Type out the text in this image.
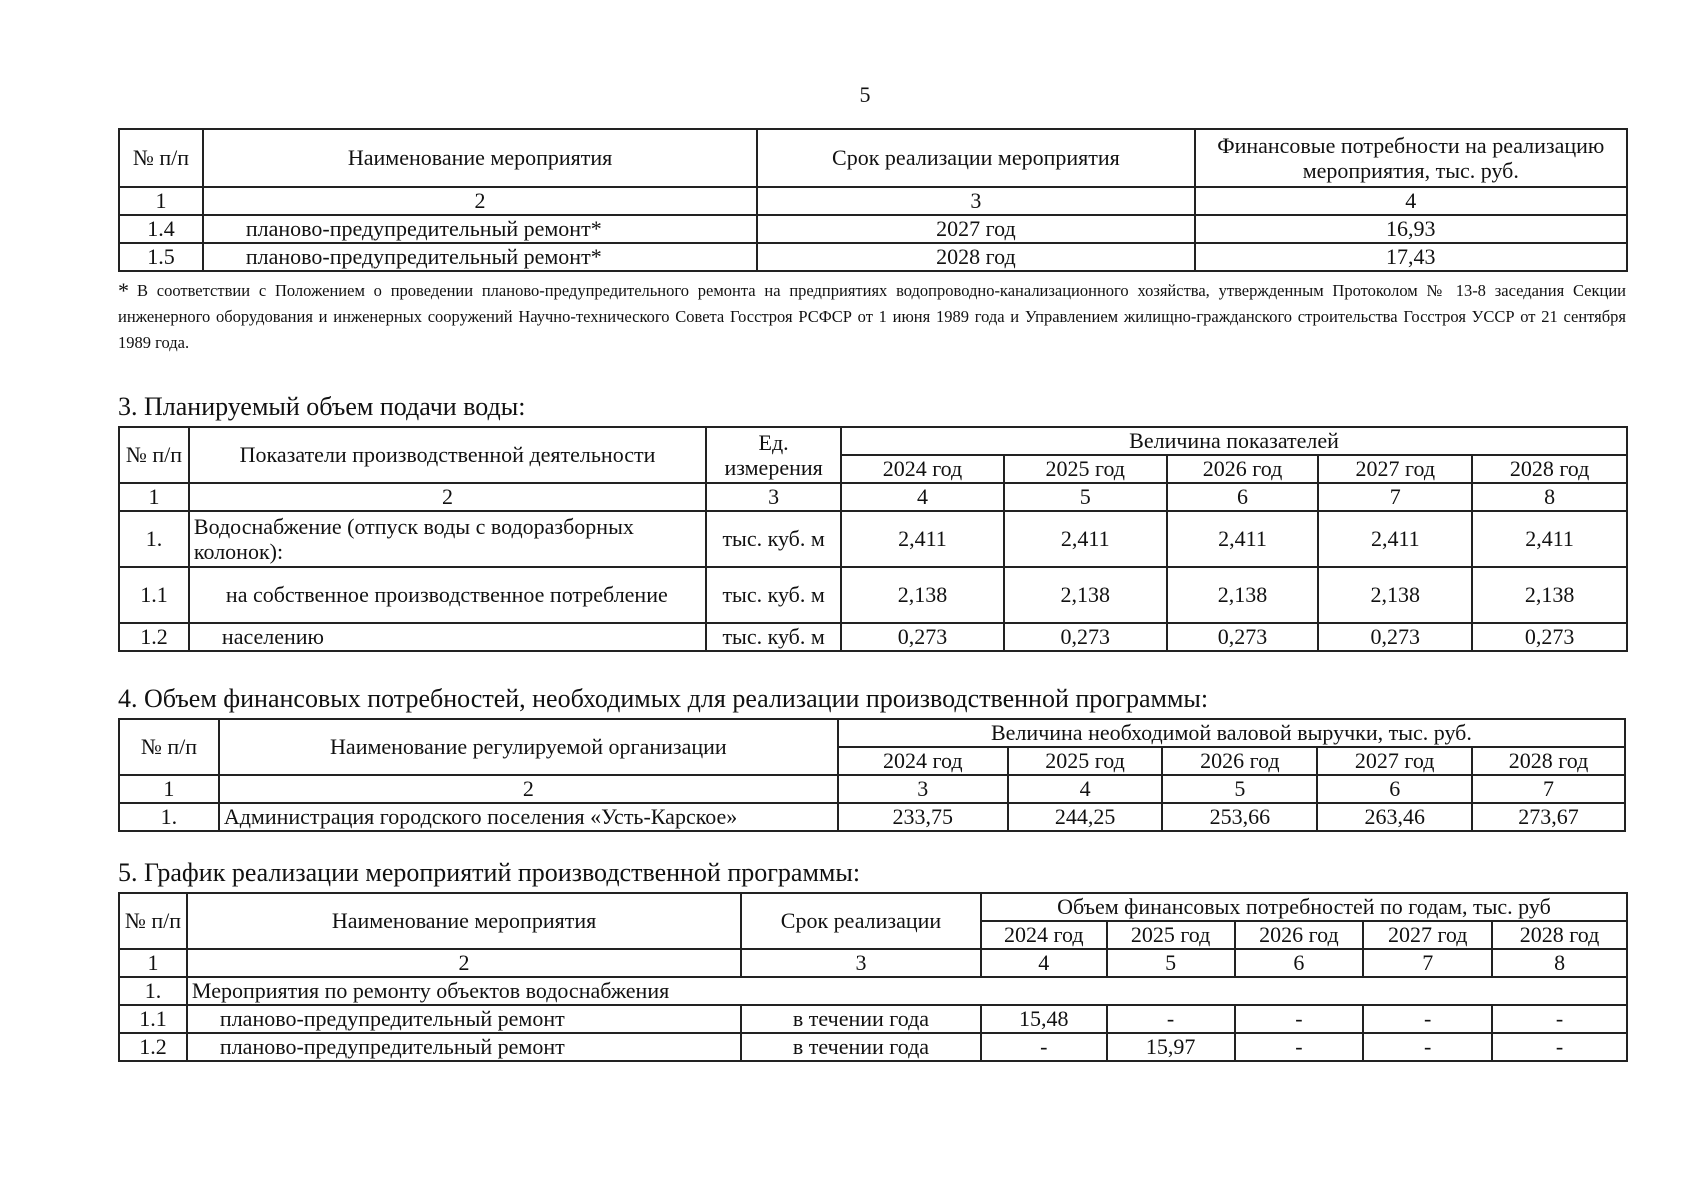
5
№ п/п	Наименование мероприятия	Срок реализации мероприятия	Финансовые потребности на реализацию мероприятия, тыс. руб.
1	2	3	4
1.4	планово-предупредительный ремонт*	2027 год	16,93
1.5	планово-предупредительный ремонт*	2028 год	17,43
* В соответствии с Положением о проведении планово-предупредительного ремонта на предприятиях водопроводно-канализационного хозяйства, утвержденным Протоколом № 13-8 заседания Секции инженерного оборудования и инженерных сооружений Научно-технического Совета Госстроя РСФСР от 1 июня 1989 года и Управлением жилищно-гражданского строительства Госстроя УССР от 21 сентября 1989 года.
3. Планируемый объем подачи воды:
№ п/п	Показатели производственной деятельности	Ед. измерения	Величина показателей				
			2024 год	2025 год	2026 год	2027 год	2028 год
1	2	3	4	5	6	7	8
1.	Водоснабжение (отпуск воды с водоразборных колонок):	тыс. куб. м	2,411	2,411	2,411	2,411	2,411
1.1	на собственное производственное потребление	тыс. куб. м	2,138	2,138	2,138	2,138	2,138
1.2	населению	тыс. куб. м	0,273	0,273	0,273	0,273	0,273
4. Объем финансовых потребностей, необходимых для реализации производственной программы:
№ п/п	Наименование регулируемой организации	Величина необходимой валовой выручки, тыс. руб.				
		2024 год	2025 год	2026 год	2027 год	2028 год
1	2	3	4	5	6	7
1.	Администрация городского поселения «Усть-Карское»	233,75	244,25	253,66	263,46	273,67
5. График реализации мероприятий производственной программы:
№ п/п	Наименование мероприятия	Срок реализации	Объем финансовых потребностей по годам, тыс. руб				
			2024 год	2025 год	2026 год	2027 год	2028 год
1	2	3	4	5	6	7	8
1.	Мероприятия по ремонту объектов водоснабжения						
1.1	планово-предупредительный ремонт	в течении года	15,48	-	-	-	-
1.2	планово-предупредительный ремонт	в течении года	-	15,97	-	-	-
